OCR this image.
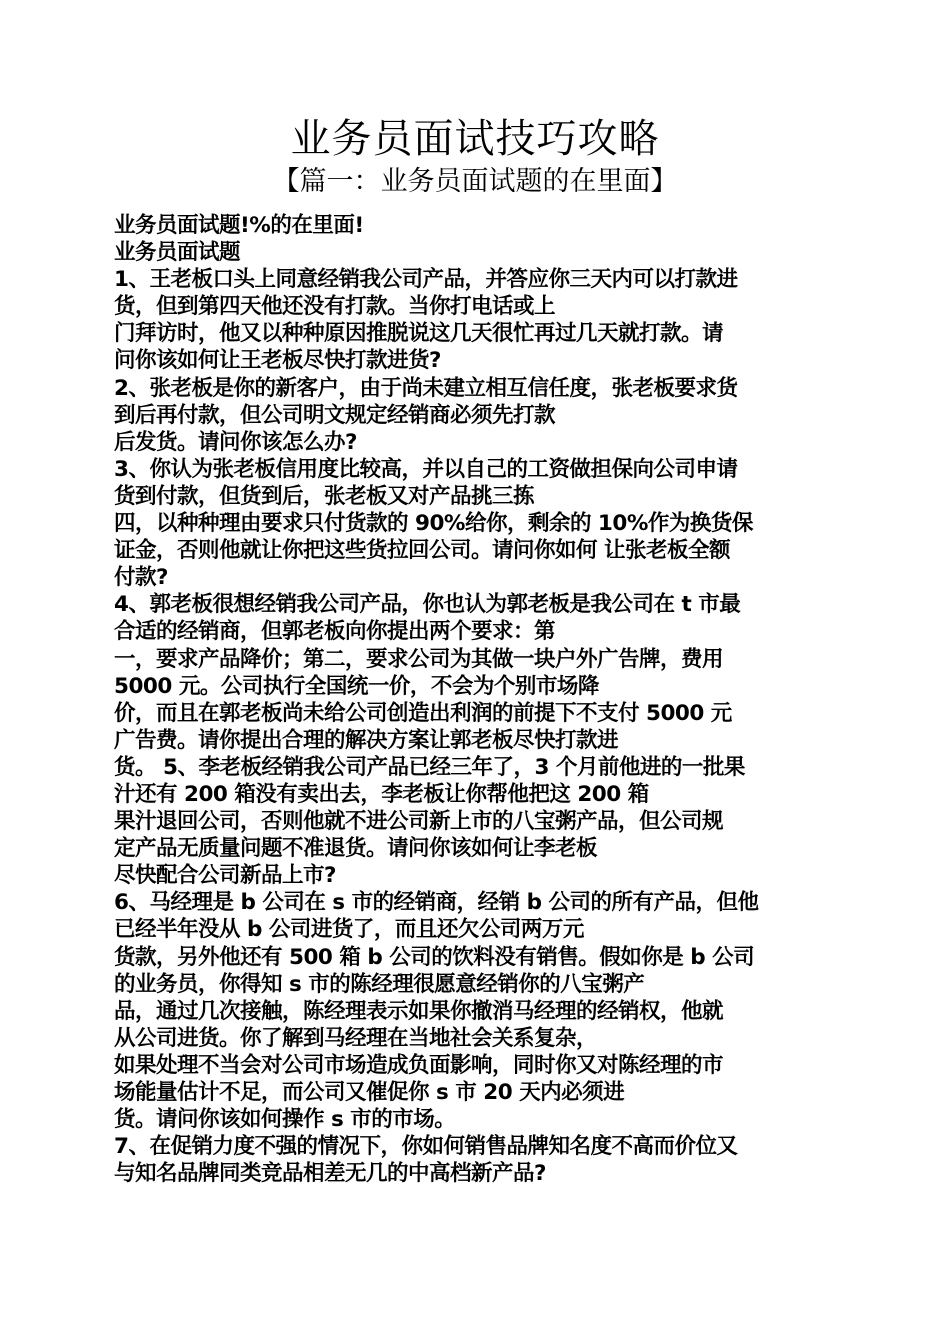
业务员面试技巧攻略
【篇一：业务员面试题的在里面】
业务员面试题!%的在里面!
业务员面试题
1、王老板口头上同意经销我公司产品，并答应你三天内可以打款进
货，但到第四天他还没有打款。当你打电话或上
门拜访时，他又以种种原因推脱说这几天很忙再过几天就打款。请
问你该如何让王老板尽快打款进货?
2、张老板是你的新客户，由于尚未建立相互信任度，张老板要求货
到后再付款，但公司明文规定经销商必须先打款
后发货。请问你该怎么办?
3、你认为张老板信用度比较高，并以自己的工资做担保向公司申请
货到付款，但货到后，张老板又对产品挑三拣
四，以种种理由要求只付货款的 90%给你，剩余的 10%作为换货保
证金，否则他就让你把这些货拉回公司。请问你如何 让张老板全额
付款?
4、郭老板很想经销我公司产品，你也认为郭老板是我公司在 t 市最
合适的经销商，但郭老板向你提出两个要求：第
一，要求产品降价；第二，要求公司为其做一块户外广告牌，费用
5000 元。公司执行全国统一价，不会为个别市场降
价，而且在郭老板尚未给公司创造出利润的前提下不支付 5000 元
广告费。请你提出合理的解决方案让郭老板尽快打款进
货。 5、李老板经销我公司产品已经三年了，3 个月前他进的一批果
汁还有 200 箱没有卖出去，李老板让你帮他把这 200 箱
果汁退回公司，否则他就不进公司新上市的八宝粥产品，但公司规
定产品无质量问题不准退货。请问你该如何让李老板
尽快配合公司新品上市?
6、马经理是 b 公司在 s 市的经销商，经销 b 公司的所有产品，但他
已经半年没从 b 公司进货了，而且还欠公司两万元
货款，另外他还有 500 箱 b 公司的饮料没有销售。假如你是 b 公司
的业务员，你得知 s 市的陈经理很愿意经销你的八宝粥产
品，通过几次接触，陈经理表示如果你撤消马经理的经销权，他就
从公司进货。你了解到马经理在当地社会关系复杂，
如果处理不当会对公司市场造成负面影响，同时你又对陈经理的市
场能量估计不足，而公司又催促你 s 市 20 天内必须进
货。请问你该如何操作 s 市的市场。
7、在促销力度不强的情况下，你如何销售品牌知名度不高而价位又
与知名品牌同类竞品相差无几的中高档新产品?
